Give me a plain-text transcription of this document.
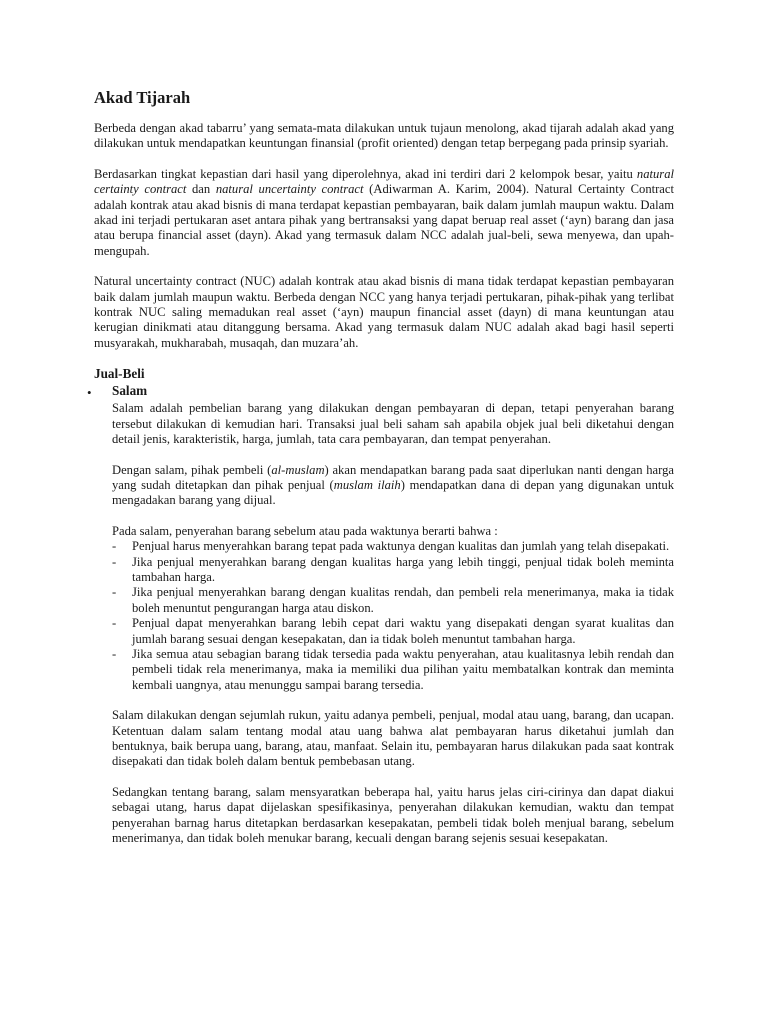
Akad Tijarah

Berbeda dengan akad tabarru’ yang semata-mata dilakukan untuk tujaun menolong, akad tijarah adalah akad yang dilakukan untuk mendapatkan keuntungan finansial (profit oriented) dengan tetap berpegang pada prinsip syariah.

Berdasarkan tingkat kepastian dari hasil yang diperolehnya, akad ini terdiri dari 2 kelompok besar, yaitu natural certainty contract dan natural uncertainty contract (Adiwarman A. Karim, 2004). Natural Certainty Contract adalah kontrak atau akad bisnis di mana terdapat kepastian pembayaran, baik dalam jumlah maupun waktu. Dalam akad ini terjadi pertukaran aset antara pihak yang bertransaksi yang dapat beruap real asset (‘ayn) barang dan jasa atau berupa financial asset (dayn). Akad yang termasuk dalam NCC adalah jual-beli, sewa menyewa, dan upah-mengupah.

Natural uncertainty contract (NUC) adalah kontrak atau akad bisnis di mana tidak terdapat kepastian pembayaran baik dalam jumlah maupun waktu. Berbeda dengan NCC yang hanya terjadi pertukaran, pihak-pihak yang terlibat kontrak NUC saling memadukan real asset (‘ayn) maupun financial asset (dayn) di mana keuntungan atau kerugian dinikmati atau ditanggung bersama. Akad yang termasuk dalam NUC adalah akad bagi hasil seperti musyarakah, mukharabah, musaqah, dan muzara’ah.

Jual-Beli
• Salam

Salam adalah pembelian barang yang dilakukan dengan pembayaran di depan, tetapi penyerahan barang tersebut dilakukan di kemudian hari. Transaksi jual beli saham sah apabila objek jual beli diketahui dengan detail jenis, karakteristik, harga, jumlah, tata cara pembayaran, dan tempat penyerahan.

Dengan salam, pihak pembeli (al-muslam) akan mendapatkan barang pada saat diperlukan nanti dengan harga yang sudah ditetapkan dan pihak penjual (muslam ilaih) mendapatkan dana di depan yang digunakan untuk mengadakan barang yang dijual.

Pada salam, penyerahan barang sebelum atau pada waktunya berarti bahwa :

- Penjual harus menyerahkan barang tepat pada waktunya dengan kualitas dan jumlah yang telah disepakati.
- Jika penjual menyerahkan barang dengan kualitas harga yang lebih tinggi, penjual tidak boleh meminta tambahan harga.
- Jika penjual menyerahkan barang dengan kualitas rendah, dan pembeli rela menerimanya, maka ia tidak boleh menuntut pengurangan harga atau diskon.
- Penjual dapat menyerahkan barang lebih cepat dari waktu yang disepakati dengan syarat kualitas dan jumlah barang sesuai dengan kesepakatan, dan ia tidak boleh menuntut tambahan harga.
- Jika semua atau sebagian barang tidak tersedia pada waktu penyerahan, atau kualitasnya lebih rendah dan pembeli tidak rela menerimanya, maka ia memiliki dua pilihan yaitu membatalkan kontrak dan meminta kembali uangnya, atau menunggu sampai barang tersedia.

Salam dilakukan dengan sejumlah rukun, yaitu adanya pembeli, penjual, modal atau uang, barang, dan ucapan. Ketentuan dalam salam tentang modal atau uang bahwa alat pembayaran harus diketahui jumlah dan bentuknya, baik berupa uang, barang, atau, manfaat. Selain itu, pembayaran harus dilakukan pada saat kontrak disepakati dan tidak boleh dalam bentuk pembebasan utang.

Sedangkan tentang barang, salam mensyaratkan beberapa hal, yaitu harus jelas ciri-cirinya dan dapat diakui sebagai utang, harus dapat dijelaskan spesifikasinya, penyerahan dilakukan kemudian, waktu dan tempat penyerahan barnag harus ditetapkan berdasarkan kesepakatan, pembeli tidak boleh menjual barang, sebelum menerimanya, dan tidak boleh menukar barang, kecuali dengan barang sejenis sesuai kesepakatan.
